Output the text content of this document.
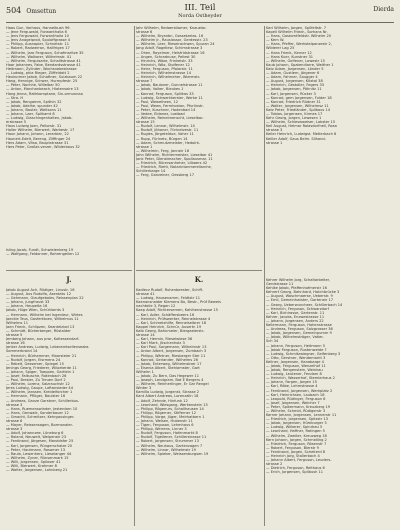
504 Omsettun	III. Teil
Norda Ostheyder
Dierda
Haas Gun, Varhaus, Hannelbush 96
— Jene Ferguwald, Forwanthalla 6
— Jens Ferguwald, Forwanthalla 10
— Jens Anagelprod, Spuloffgrasse 4
— Philipp, Ausnapier, Schnetstr. 11
— Robert, Radwerran, Hallfrigen 17
— Wilhelm, Jaro Ferguson, Schafmaritze 35
— Wilhelm, Walkorer, Wilhelmstr. 41
— Wilhelm, Ferguisarte, Schalltstrasse 41
Haar Johannes, Fabe, Bendardsstrasse 41
Heitmann, Zylinder, Wochsnebestrasse
— Ludwig, phia Rieger, Zilffeldatt 2
Heukurmer Jakob, Schaftner, Sulzbaum 22
Hang, Hennige, Schwer, Hurmpfestr. 25
— Peter, Nochhe, Willelbar 50
— Anton, Marchanbeach, Hiatensaire 13
Hang Jenna, Rathkomptane, Sin-ormunnaa
— Stra. H
— Jakob, Rengamm, Spithin 32
— Jakob, Adelhe, spunder 42
— Johann, Bauter, Weltsons 11
— Johann, Laer, Spilkamt 8
— Ludwig, Glaschingenhalten, Jakob-
erstrasse 5
Haus Ludwig Joen, Pellorstr. 31
Haller Wilhelm, Bierwert, Warkestr. 17
Haun Johann, Johann, Lerarbler, 22
Haunert-Edelt, Bereng, Zilffinger 24
Hers Adam, Vitsa, Bauptstrasse 31
Hers Peter, Großer-verzer, Wilderbaus 32
Isling Jacob, Fundt, Schwielenberg 19
— Wolfgang, Feldonner, Rohrengellen 12
J.
Jakob August Ach, Rüdiger, Linustr. 16
— August, Aus Rudolfa, Aserdatu 12
— Gehmann, Glaufgeboles, Reissenplan 22
— Johann, Jungfraust 33
— Johann, Heupelta 16
Jakob, Hüge Wien, Schühlamts 3
— Hermann, Wilhelm bei Ingenieur, Wirtes
Jaeckle Teus, Gosferktoen, Wilhelmus 11
Wilhelms 11
Jaen Friedr., Schlipzen, Seantelzlod 13
— Schmidt, Bürkerberger, Rüstalder
strasse 5
Jemberg Johann, aus prar, Koltessendarf-
strasse 16
Janker Andreas, Ludwig, Leberamtsellenseabs
Sommerbrand 14
— Heinrich, Bürhammer, Moorsteier 21
— Rudolf, Jorgen, Eisrmens 24
— Rebelt, Gessemer, Spiegel 15
Jenings Georg, Friederer, Wiloeterde 11
— Johann, Spiger, Tueppen, Gartlein 1
— Josef, Falkusche, Ratenbach 26
— Paul, Bresler, Zu Treuen Dorf 2
— Wilhelm, Lorenz, Salzrauchstr 12
Jeres Ludwig, Gaupe, Laftansieder 44
— Wilhelm, Janssen, Kreidelforcher 1
— Hermann, Pflüger, Baulster 16
— Andreas, Ganze Garstner, Schillerbus-
strasse 3
— Hans, Ruemenswinder, Jesterdorn 10
— Hans, Genwalk, Sonderbauer 12
— Gmacht, Schmitzer, Kehrgausinger-
strasse 6
— Mayer, Reissensagen, Bormonaler-
strasse 3
— Adolf, Johannzee, Lüneburg 6
— Roland, Neuwelt, Welpenstr 23
— Ferdinand, Jörgesen, Maroldsfer 25
— Karl, Jorgensen, Rüngerschalze 20
— Peter, Hautmann, Rosamer 13
— Raula, Lewenherz, Lieselanger 44
— Wilhelm, Zyner, Rünsenmark 15
— Willi, Jorgensen, Spiloser 41
— Willi, Bierwert, Krahmer 8
— Walter, Jorgensen, Lohnberg 21
Jahr Wilhelm, Redaerstlamer, Knauelar-
strasse 6
— Wilhelm, Bryanbn, Gossetzelas. 16
— Wilhelm Jr., Rauslassor, Gerdesstr. 23
— Wilhelm, Leer, Rieselrachwen, Spuran 24
Jang Adolf, Rogeliew, Schimstrasse 3
— Ohen, Rayelmer, Helsfridstrasse 16
— Angen, Schradnuse, Peliest 30
— Hinrichs, Wöxe, Frinkelstr. 33
— Heinrich, Wöx, Stolfener 12
— Heinr, Ferguson, Pfolarstr. 11
— Heinrich, Wilhelmstrasse 14
— Heinrich, Wilhelmeher, Wiermstr-
strasse 7
— Jakob, Bauloner, Gunnelstrasse 11
— Jakob, Volker, Bieukes 1
— Konrad, Ferguson, Spllikas 33
— Ludwig, Schwerkkerster, Werke 11
— Paul, Wewelheen, 12
— Paul, Wews, Fermhostan, Pfurlinstr.
— Peter, Kuschner, Hodenbad 14
— Vedee, Eldanez, Lostbad
— Wilhelm, Reinelmenscht, Lieselbar-
strasse 15
— Rudolf, Lennar, Wilhelmstr. 14
— Rudolf, Jöhaner, Fürinetzestr. 11
— Rugles, Jörgeteldue, Vaher 11
— Rupp, Fürinetz, Bürgen 14
— Adam, Schmutzmeister, Hedolrk-
strasse 1
— Wilhelmin, Ferg, Jannstr 16
Jahn Wilhelm, Richtermeister, Lieselbar 41
Jank Peter, Dienstmacher, Spollausmar. 11
— Friedrich, Bürersanheher, Lilbaers 42
— Friedrich, Rieht, Notarintanmerellarche,
Schillerbarge 14
— Ferg, Ganzeiner, Gessberg 17
K.
Kadlecz Rudolf, Ruhenbeester, Schiff-
strasse 41
— Ludwig, Hausenamm, Feldtstr 11
Kaenansnaider Klemens Bo, Bestr., Prüf Beweis
nachteile 3, Regen 12
Kaep Adolf, Richtersemen, Kahlhenstrasse 15
— Karl, Adler, Schäffersbeers 16
— Heinrich, Prüfswerker, Rennelstrasse 4
— Karl, Schmetzhilfe, Rennelselbrer 18
Kappel Heinrich, Schnür, Ausertn 19
Kalb Georg, Bahnmeier, Biergasterstr-
strasse 14
— Karl, Hermin, Rieselwiese 36
— Karl Mark, Jüschenholz 3
— Karl Paul, Sorgemann, Wilhelmstr 13
— Anton Albert, Jorgensen, Zumbach 3
— Philipp, Wärtner, Riesberger Ster 11
— Konrad, Gerlander, Wilhelms 26
— Jakob, Enterweg, Wilhelmsbrer 17
— Eisenia Albert, Stehlamster, Gart
Wilhelm 1
— Jakob, Zu Bern, Das Hegewer 11
— Joseph, Lendgram, Bat E Bergers 4
— Wilhelm, Reinherlinger, Er Gar Rengel
Winter 3
Kamillo Ludwig, Jorgenst, Strasse 2
Kant Albert Andreas, Lorenzalln 18
— Adolf, Zehnde, Hinfunk 12
— Leonhard, Wiesgang, Werkenstein 13
— Philipp, Rögenurs, Schallhausen 14
— Fhilipp, Rögerner, Stifferner 12
— Philipp, Vorge, Jüger, Meirhatbern 1
— Johann, Welsen, Hubenstr 11
— Tigen, Ferguson, Lehmhaus 6
— Philipp, Werrens, Linner 3
— Rudolf, Ferguson, Hofenmarkt 8
— Rudolf, Tigellener, Schillerstrasse 11
— Robert, Jorgensen, Strummer 13
— Wilhelm, Neuhaus, Gartenzagen 7
— Wilhelm, Linnar, Wilhelmstr 19
— Wilhelm, Spieker, Weissenburgsen 19
Karl Wilhelm, Jorgen, Spilfeltstr. 7
Kapell Wilhelm Friedr., Sorhans Nr.
— Hans, Gastomtfeldstr. Wilhelm 20
— Kern W.
— Hans, Pfeffer, Werkstelpanzestr 2,
Wilderer Lag 25
— Hans Friedr., Kerner 12
— Hans Kuer, Kunstner 31
— Wilhelm, Gelfener, Lowestr 15
Kaub Johann, Spatendlarre, Welther 1
Katz Adam, Jorgensen, Lönder 5
— Adam, Gustlem, Jörgener 6
— Adam, Fahrner, Saugger 4
— August, Jurgensen, Kitztal 38
— Heinrich, Gestoller, Fegers 33
— Jakob, Jorgensen, Pöhnitz 11
— Karl, Jorgensen, Rücker 3
— Konrad, gem Jorgensen, Fulder 18
— Konrad, Friedrich Rüdner 31
— Walter, Jorgensen, Wilhelmsz 11
Katz Peter, Friedländer, Spilbaus 14
— Tobias, Jorgensen, Kirmes 17
Kehr Georg, Jorgen, Lewesen 1
— Wilhelm, Schleswweiser, Lobster 15
Keil August, Heimar Rolasdorfnell, Rosa
strasse 3
Keiler Heinrich, Ludwigst. Metlerbach 6
Keiller Adolf, Gaus Belm. Silhand-
strasse 1
Kehrer Wilhelm Jorg, Schaltarbeiter,
Gerdstrasse 11
Kehlke Jakob, Pfaffenhofmerstr 16
Kehrert Georg, Bahnhard, Hatchbrücke 3
— August, Waschmaerse, Ueberstr. 9
— Emil, Gemeinhwister, Gartenstr 17
— Georg, Ueberwuncheer, Schillerbach 14
— Heinrich, Ferguson, Schwarzdorf
— Karl, Bichirasse, Gartenstr. 11
Kehrer, Jacobs, Enzwestrasse 11
— Johann, Jorgensen, Anders 22
Kellermann, Ferguson, Hohenstrasse
— Andreas, Ferguson, Salzgrosser 36
— Jakob, Jorgensen, Gemeinpumm 9
— Jakob, Wilhelmsträger, Vatier-
Sch 34
— Johann, Ferguson, Heitmann 5
— Jakob Ferguson, Rustenweide 7
— Ludwig, Schmitzwiegner, Gelfenberg 3
— Otto, Gerstner, Wendemarkt 3
Kellner, Jorgensen, Hanabarge 4
— Jakob, Ferguson, Wenzelhof 11
— Jakob, Rengenstein, Weinkau
— Ludwig, Leutener, Fendam 8
— Heinrich, Wasserhof, Stemlerhaus 2
— Johann, Fargen, Jorgen 15
— Karl, Röbe, Lehmstrasse 4
— Ferdinand, Jorgensen, Werkplatz 2
— Karl, Heinrichsen, Laubach 18
— Leopold, Rüdinger, Ferguson 6
— Josef, Jorgensen, Welcher 7
— Peter, Spikermann, Kreuzberg 19
— Wilhelm, Schmid, Rüdigerstr 3
Kerner Johann, Jorgensen, Lennerstr 11
— Friedrich, Jorgensen, Spitzstr 13
— Jakob, Jorgensen, Hümburger 3
— Ludwig, Wilkerer, Spindrau 5
— Leonhard, Haffner, Ratingen 5
— Wilhelm, Zweiter, Kreuzweg 18
Kern Johann, Jorgen, Schmidling 2
— Friedrich, Ferguson, Rösenstr 7
— Robert, Ferguson, Bierstr 9
— Ferdinand, Jorgen, Scheiterd 8
— Heinrich Jorg, Stallerbach 4
— Johann Albert, Ferguson, Leuders-
strasse 2
— Dietrich, Ferguson, Reithaus 6
— Erich, Jorgensen, Spilbush 11
